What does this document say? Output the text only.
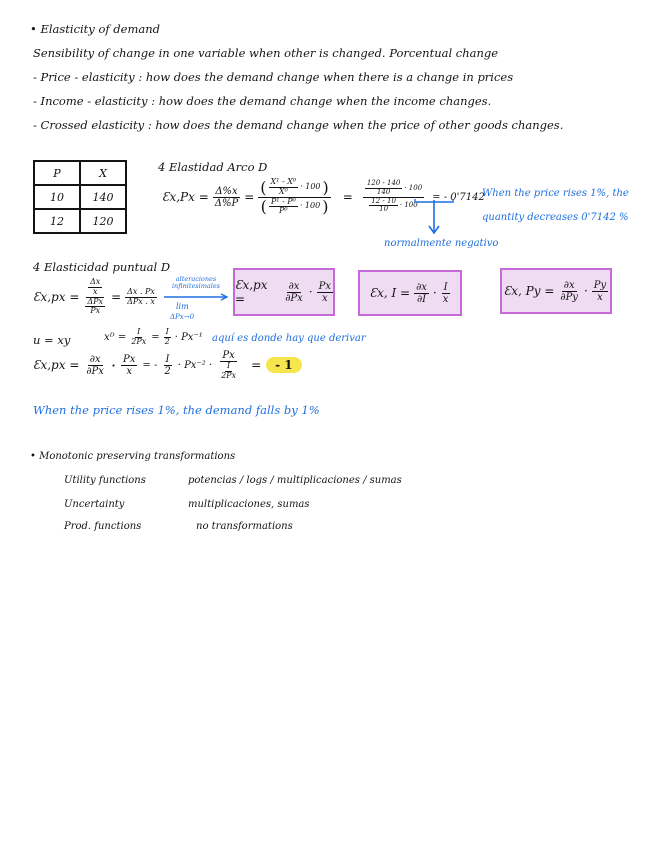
• Elasticity of demand
Sensibility of change in one variable when other is changed. Porcentual change
- Price - elasticity : how does the demand change when there is a change in prices
- Income - elasticity : how does the demand change when the income changes.
- Crossed elasticity : how does the demand change when the price of other goods changes.
P	X
10	140
12	120
4 Elastidad Arco D
Ɛx,Px = $\frac{\Delta\%x}{\Delta\%P}$ =
( $\frac{\text{X¹ - X⁰}}{\text{X⁰}} \cdot 100$ )
( $\frac{\text{P¹ - P⁰}}{\text{P⁰}} \cdot 100$ ) = $\frac{\frac{120 - 140}{140} \cdot 100}{\frac{12 - 10}{10} \cdot 100}$ = - 0'7142
When the price rises 1%, the
quantity decreases 0'7142 %
normalmente negativo
4 Elasticidad puntual D
Ɛx,px = $\frac{\frac{\Delta x}{x}}{\frac{\text{ΔPx}}{Px}} = \frac{\Delta x . Px}{\text{ΔPx . x}}$
alteraciones infinitesimales
lim
ΔPx→0
Ɛx,px =	$\frac{\partial x}{\partial Px} \cdot \frac{Px}{x}$	Ɛx, $I = \frac{\partial x}{\partial I} \cdot \frac{I}{x}$	Ɛx, $Py = \frac{\partial x}{\partial Py} \cdot \frac{Py}{x}$
u = xy	xᴰ = $\frac{I}{2Px} = \frac{I}{2} \cdot Px^{-1}$ aquí es donde hay que derivar
Ɛx,px = $\frac{\partial x}{\partial Px} \cdot \frac{Px}{x}$ = - $\frac{I}{2} \cdot Px^{-2} \cdot \frac{Px}{\frac{I}{2Px}}$ =	- 1
When the price rises 1%, the demand falls by 1%
• Monotonic preserving transformations
Utility functions	potencias / logs / multiplicaciones / sumas
Uncertainty	multiplicaciones, sumas
Prod. functions	no transformations
